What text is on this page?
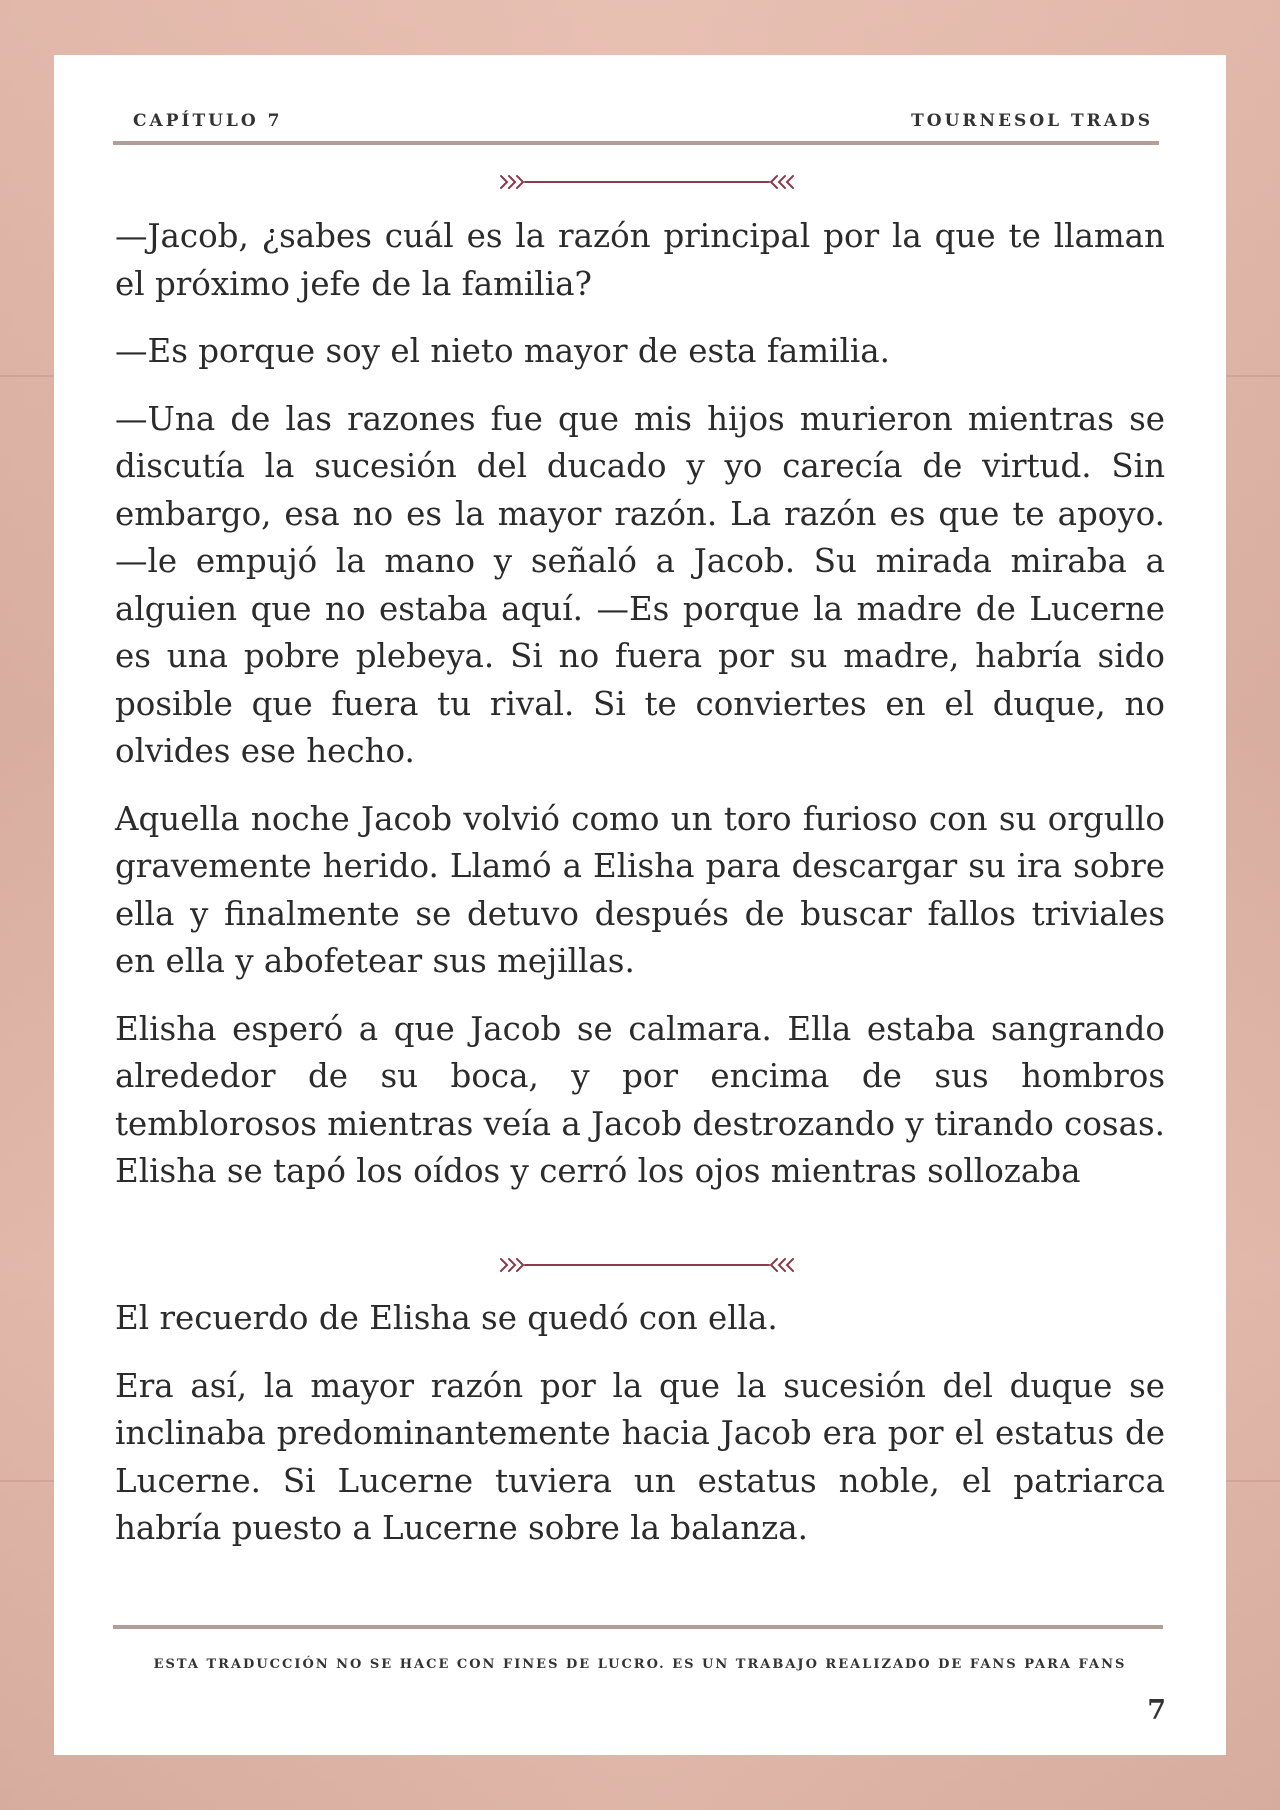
CAPÍTULO 7	TOURNESOL TRADS

—Jacob, ¿sabes cuál es la razón principal por la que te llaman el próximo jefe de la familia?

—Es porque soy el nieto mayor de esta familia.

—Una de las razones fue que mis hijos murieron mientras se discutía la sucesión del ducado y yo carecía de virtud. Sin embargo, esa no es la mayor razón. La razón es que te apoyo. —le empujó la mano y señaló a Jacob. Su mirada miraba a alguien que no estaba aquí. —Es porque la madre de Lucerne es una pobre plebeya. Si no fuera por su madre, habría sido posible que fuera tu rival. Si te conviertes en el duque, no olvides ese hecho.

Aquella noche Jacob volvió como un toro furioso con su orgullo gravemente herido. Llamó a Elisha para descargar su ira sobre ella y finalmente se detuvo después de buscar fallos triviales en ella y abofetear sus mejillas.

Elisha esperó a que Jacob se calmara. Ella estaba sangrando alrededor de su boca, y por encima de sus hombros temblorosos mientras veía a Jacob destrozando y tirando cosas. Elisha se tapó los oídos y cerró los ojos mientras sollozaba

El recuerdo de Elisha se quedó con ella.

Era así, la mayor razón por la que la sucesión del duque se inclinaba predominantemente hacia Jacob era por el estatus de Lucerne. Si Lucerne tuviera un estatus noble, el patriarca habría puesto a Lucerne sobre la balanza.

ESTA TRADUCCIÓN NO SE HACE CON FINES DE LUCRO. ES UN TRABAJO REALIZADO DE FANS PARA FANS
7
